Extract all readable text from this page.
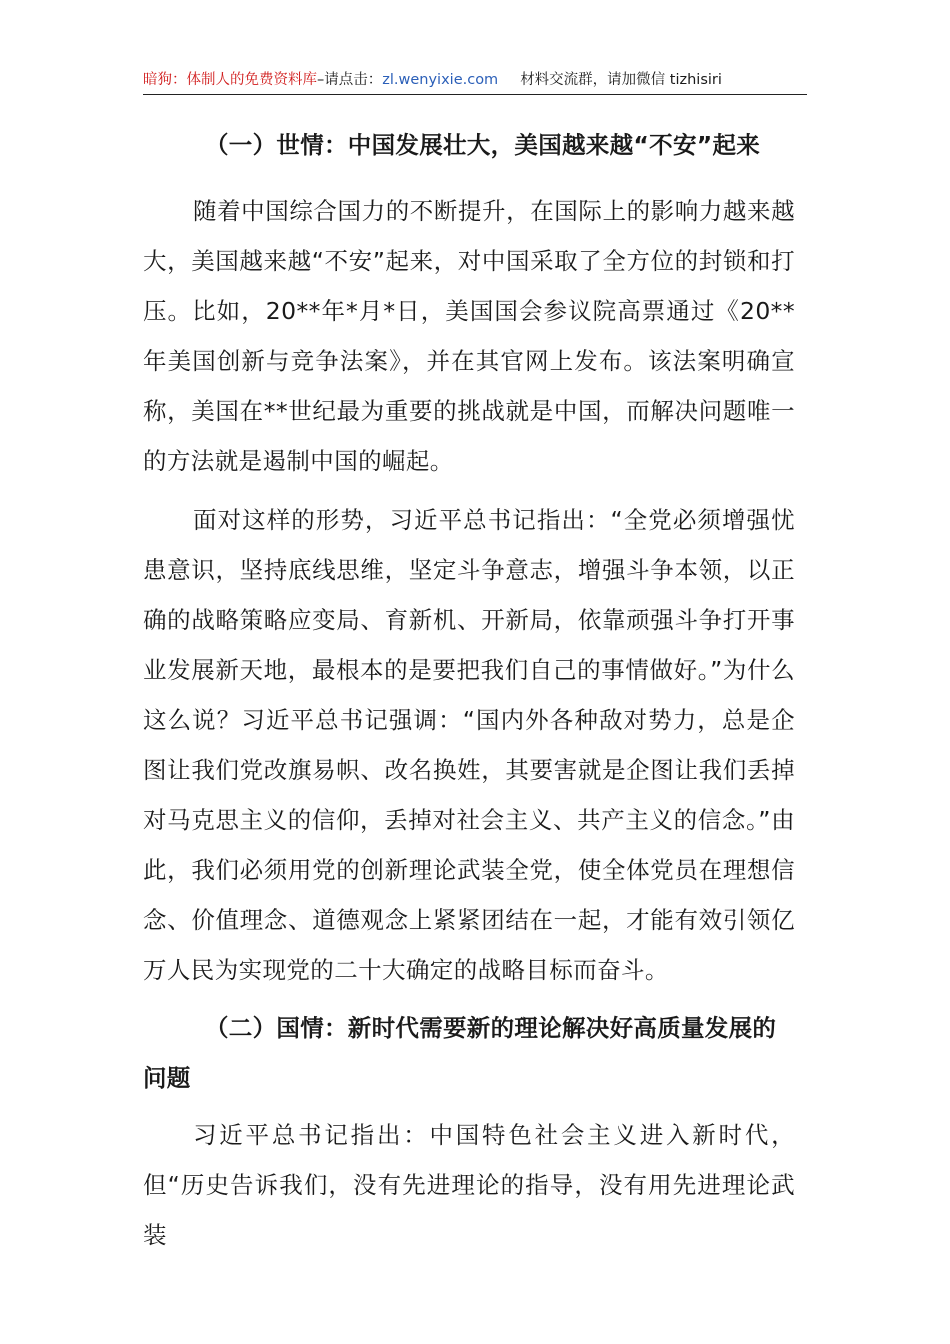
暗狗：体制人的免费资料库–请点击：zl.wenyixie.com 材料交流群，请加微信 tizhisiri
（一）世情：中国发展壮大，美国越来越“不安”起来

随着中国综合国力的不断提升，在国际上的影响力越来越大，美国越来越“不安”起来，对中国采取了全方位的封锁和打压。比如，20**年*月*日，美国国会参议院高票通过《20**年美国创新与竞争法案》，并在其官网上发布。该法案明确宣称，美国在**世纪最为重要的挑战就是中国，而解决问题唯一的方法就是遏制中国的崛起。

面对这样的形势，习近平总书记指出：“全党必须增强忧患意识，坚持底线思维，坚定斗争意志，增强斗争本领，以正确的战略策略应变局、育新机、开新局，依靠顽强斗争打开事业发展新天地，最根本的是要把我们自己的事情做好。”为什么这么说？习近平总书记强调：“国内外各种敌对势力，总是企图让我们党改旗易帜、改名换姓，其要害就是企图让我们丢掉对马克思主义的信仰，丢掉对社会主义、共产主义的信念。”由此，我们必须用党的创新理论武装全党，使全体党员在理想信念、价值理念、道德观念上紧紧团结在一起，才能有效引领亿万人民为实现党的二十大确定的战略目标而奋斗。

（二）国情：新时代需要新的理论解决好高质量发展的问题

习近平总书记指出：中国特色社会主义进入新时代，但“历史告诉我们，没有先进理论的指导，没有用先进理论武装
